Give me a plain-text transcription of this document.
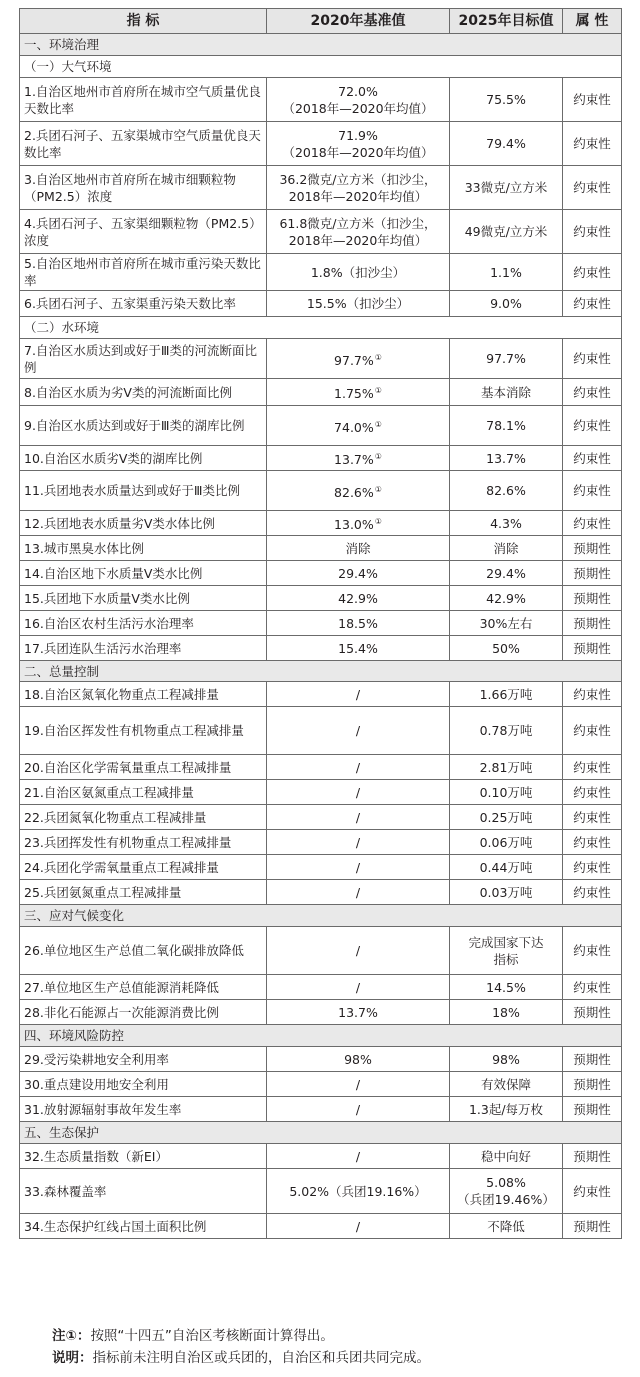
指 标	2020年基准值	2025年目标值	属 性
一、环境治理			
（一）大气环境			
1.自治区地州市首府所在城市空气质量优良天数比率	72.0%
（2018年—2020年均值）	75.5%	约束性
2.兵团石河子、五家渠城市空气质量优良天数比率	71.9%
（2018年—2020年均值）	79.4%	约束性
3.自治区地州市首府所在城市细颗粒物（PM2.5）浓度	36.2微克/立方米（扣沙尘，
2018年—2020年均值）	33微克/立方米	约束性
4.兵团石河子、五家渠细颗粒物（PM2.5）浓度	61.8微克/立方米（扣沙尘，
2018年—2020年均值）	49微克/立方米	约束性
5.自治区地州市首府所在城市重污染天数比率	1.8%（扣沙尘）	1.1%	约束性
6.兵团石河子、五家渠重污染天数比率	15.5%（扣沙尘）	9.0%	约束性
（二）水环境			
7.自治区水质达到或好于Ⅲ类的河流断面比例	97.7%①	97.7%	约束性
8.自治区水质为劣Ⅴ类的河流断面比例	1.75%①	基本消除	约束性
9.自治区水质达到或好于Ⅲ类的湖库比例	74.0%①	78.1%	约束性
10.自治区水质劣Ⅴ类的湖库比例	13.7%①	13.7%	约束性
11.兵团地表水质量达到或好于Ⅲ类比例	82.6%①	82.6%	约束性
12.兵团地表水质量劣Ⅴ类水体比例	13.0%①	4.3%	约束性
13.城市黑臭水体比例	消除	消除	预期性
14.自治区地下水质量Ⅴ类水比例	29.4%	29.4%	预期性
15.兵团地下水质量Ⅴ类水比例	42.9%	42.9%	预期性
16.自治区农村生活污水治理率	18.5%	30%左右	预期性
17.兵团连队生活污水治理率	15.4%	50%	预期性
二、总量控制			
18.自治区氮氧化物重点工程减排量	/	1.66万吨	约束性
19.自治区挥发性有机物重点工程减排量	/	0.78万吨	约束性
20.自治区化学需氧量重点工程减排量	/	2.81万吨	约束性
21.自治区氨氮重点工程减排量	/	0.10万吨	约束性
22.兵团氮氧化物重点工程减排量	/	0.25万吨	约束性
23.兵团挥发性有机物重点工程减排量	/	0.06万吨	约束性
24.兵团化学需氧量重点工程减排量	/	0.44万吨	约束性
25.兵团氨氮重点工程减排量	/	0.03万吨	约束性
三、应对气候变化			
26.单位地区生产总值二氧化碳排放降低	/	完成国家下达
指标	约束性
27.单位地区生产总值能源消耗降低	/	14.5%	约束性
28.非化石能源占一次能源消费比例	13.7%	18%	预期性
四、环境风险防控			
29.受污染耕地安全利用率	98%	98%	预期性
30.重点建设用地安全利用	/	有效保障	预期性
31.放射源辐射事故年发生率	/	1.3起/每万枚	预期性
五、生态保护			
32.生态质量指数（新EI）	/	稳中向好	预期性
33.森林覆盖率	5.02%（兵团19.16%）	5.08%
（兵团19.46%）	约束性
34.生态保护红线占国土面积比例	/	不降低	预期性
注①：按照“十四五”自治区考核断面计算得出。
说明：指标前未注明自治区或兵团的，自治区和兵团共同完成。
